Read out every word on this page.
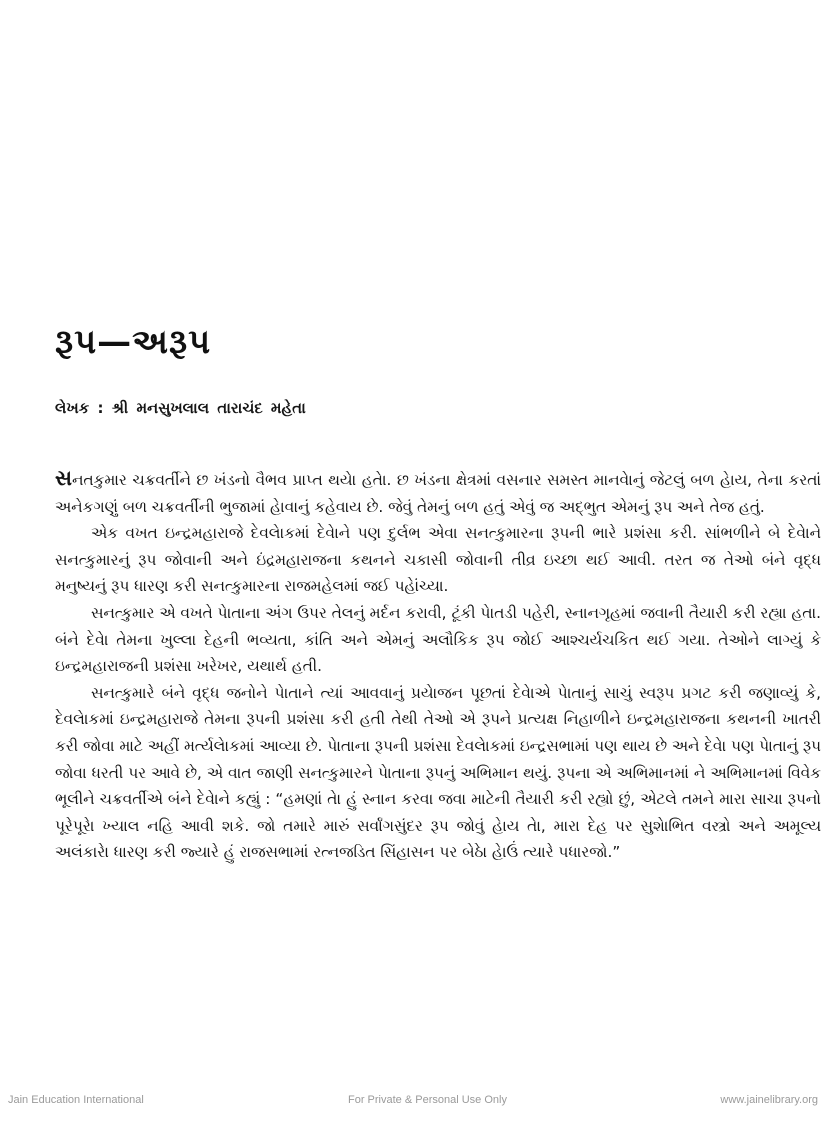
રૂપ—અરૂપ
લેખક : શ્રી મનસુખલાલ તારાચંદ મહેતા

સનતકુમાર ચક્રવર્તીને છ ખંડનો વૈભવ પ્રાપ્ત થયેા હતેા. છ ખંડના ક્ષેત્રમાં વસનાર સમસ્ત માનવેાનું જેટલું બળ હેાય, તેના કરતાં અનેકગણું બળ ચક્રવર્તીની ભુજામાં હેાવાનું કહેવાય છે. જેવું તેમનું બળ હતું એવું જ અદ્ભુત એમનું રૂપ અને તેજ હતું.

એક વખત ઇન્દ્રમહારાજે દેવલેાકમાં દેવેાને પણ દુર્લભ એવા સનત્કુમારના રૂપની ભારે પ્રશંસા કરી. સાંભળીને બે દેવેાને સનત્કુમારનું રૂપ જોવાની અને ઇંદ્રમહારાજના કથનને ચકાસી જોવાની તીવ્ર ઇચ્છા થઈ આવી. તરત જ તેઓ બંને વૃદ્ધ મનુષ્યનું રૂપ ધારણ કરી સનત્કુમારના રાજમહેલમાં જઈ પહેાંચ્યા.

સનત્કુમાર એ વખતે પેાતાના અંગ ઉપર તેલનું મર્દન કરાવી, ટૂંકી પેાતડી પહેરી, સ્નાનગૃહમાં જવાની તૈયારી કરી રહ્યા હતા. બંને દેવેા તેમના ખુલ્લા દેહની ભવ્યતા, કાંતિ અને એમનું અલૌકિક રૂપ જોઈ આશ્ચર્યચકિત થઈ ગયા. તેઓને લાગ્યું કે ઇન્દ્રમહારાજની પ્રશંસા ખરેખર, યથાર્થ હતી.

સનત્કુમારે બંને વૃદ્ધ જનોને પેાતાને ત્યાં આવવાનું પ્રયેાજન પૂછતાં દેવેાએ પેાતાનું સાચું સ્વરૂપ પ્રગટ કરી જણાવ્યું કે, દેવલેાકમાં ઇન્દ્રમહારાજે તેમના રૂપની પ્રશંસા કરી હતી તેથી તેઓ એ રૂપને પ્રત્યક્ષ નિહાળીને ઇન્દ્રમહારાજના કથનની ખાતરી કરી જોવા માટે અહીં મર્ત્યલેાકમાં આવ્યા છે. પેાતાના રૂપની પ્રશંસા દેવલેાકમાં ઇન્દ્રસભામાં પણ થાય છે અને દેવેા પણ પેાતાનું રૂપ જોવા ધરતી પર આવે છે, એ વાત જાણી સનત્કુમારને પેાતાના રૂપનું અભિમાન થયું. રૂપના એ અભિમાનમાં ને અભિમાનમાં વિવેક ભૂલીને ચક્રવર્તીએ બંને દેવેાને કહ્યું : “હમણાં તેા હું સ્નાન કરવા જવા માટેની તૈયારી કરી રહ્યો છું, એટલે તમને મારા સાચા રૂપનો પૂરેપૂરેા ખ્યાલ નહિ આવી શકે. જો તમારે મારું સર્વાંગસુંદર રૂપ જોવું હેાય તેા, મારા દેહ પર સુશેાભિત વસ્ત્રો અને અમૂલ્ય અલંકારેા ધારણ કરી જ્યારે હું રાજસભામાં રત્નજડિત સિંહાસન પર બેઠેા હેાઉં ત્યારે પધારજો.”

Jain Education International	For Private & Personal Use Only	www.jainelibrary.org
